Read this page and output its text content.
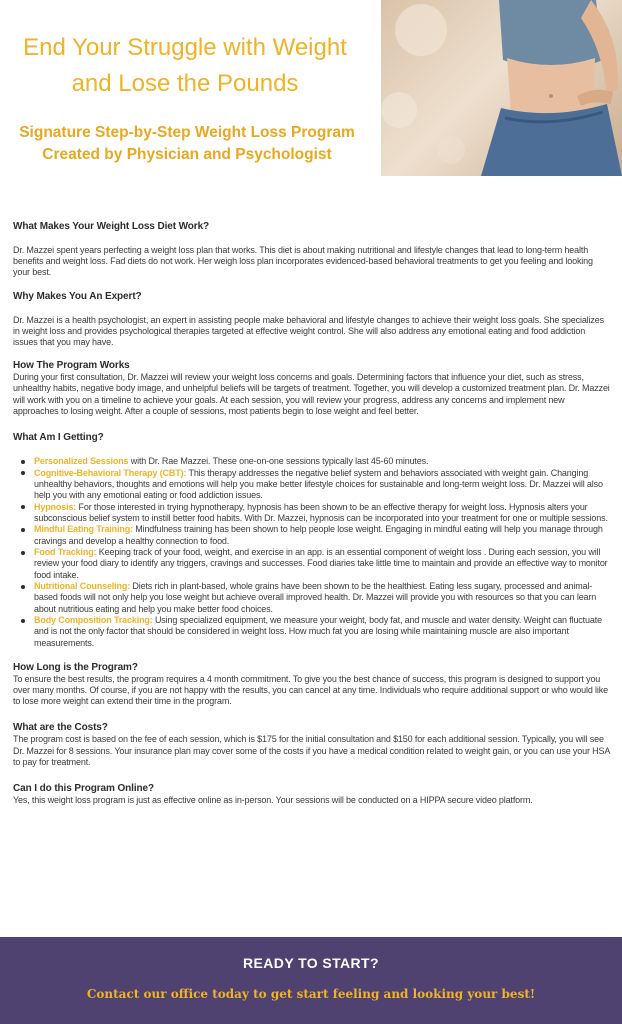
End Your Struggle with Weight
and Lose the Pounds
Signature Step-by-Step Weight Loss Program
Created by Physician and Psychologist
What Makes Your Weight Loss Diet Work?

Dr. Mazzei spent years perfecting a weight loss plan that works. This diet is about making nutritional and lifestyle changes that lead to long-term health benefits and weight loss. Fad diets do not work. Her weigh loss plan incorporates evidenced-based behavioral treatments to get you feeling and looking your best.

Why Makes You An Expert?

Dr. Mazzei is a health psychologist, an expert in assisting people make behavioral and lifestyle changes to achieve their weight loss goals. She specializes in weight loss and provides psychological therapies targeted at effective weight control. She will also address any emotional eating and food addiction issues that you may have.

How The Program Works

During your first consultation, Dr. Mazzei will review your weight loss concerns and goals. Determining factors that influence your diet, such as stress, unhealthy habits, negative body image, and unhelpful beliefs will be targets of treatment. Together, you will develop a customized treatment plan. Dr. Mazzei will work with you on a timeline to achieve your goals. At each session, you will review your progress, address any concerns and implement new approaches to losing weight. After a couple of sessions, most patients begin to lose weight and feel better.

What Am I Getting?
Personalized Sessions with Dr. Rae Mazzei. These one-on-one sessions typically last 45-60 minutes.
Cognitive-Behavioral Therapy (CBT): This therapy addresses the negative belief system and behaviors associated with weight gain. Changing unhealthy behaviors, thoughts and emotions will help you make better lifestyle choices for sustainable and long-term weight loss. Dr. Mazzei will also help you with any emotional eating or food addiction issues.
Hypnosis: For those interested in trying hypnotherapy, hypnosis has been shown to be an effective therapy for weight loss. Hypnosis alters your subconscious belief system to instill better food habits. With Dr. Mazzei, hypnosis can be incorporated into your treatment for one or multiple sessions.
Mindful Eating Training: Mindfulness training has been shown to help people lose weight. Engaging in mindful eating will help you manage through cravings and develop a healthy connection to food.
Food Tracking: Keeping track of your food, weight, and exercise in an app. is an essential component of weight loss . During each session, you will review your food diary to identify any triggers, cravings and successes. Food diaries take little time to maintain and provide an effective way to monitor food intake.
Nutritional Counseling: Diets rich in plant-based, whole grains have been shown to be the healthiest. Eating less sugary, processed and animal-based foods will not only help you lose weight but achieve overall improved health. Dr. Mazzei will provide you with resources so that you can learn about nutritious eating and help you make better food choices.
Body Composition Tracking: Using specialized equipment, we measure your weight, body fat, and muscle and water density. Weight can fluctuate and is not the only factor that should be considered in weight loss. How much fat you are losing while maintaining muscle are also important measurements.
How Long is the Program?

To ensure the best results, the program requires a 4 month commitment. To give you the best chance of success, this program is designed to support you over many months. Of course, if you are not happy with the results, you can cancel at any time. Individuals who require additional support or who would like to lose more weight can extend their time in the program.

What are the Costs?

The program cost is based on the fee of each session, which is $175 for the initial consultation and $150 for each additional session. Typically, you will see Dr. Mazzei for 8 sessions. Your insurance plan may cover some of the costs if you have a medical condition related to weight gain, or you can use your HSA to pay for treatment.

Can I do this Program Online?

Yes, this weight loss program is just as effective online as in-person. Your sessions will be conducted on a HIPPA secure video platform.

READY TO START?
Contact our office today to get start feeling and looking your best!
